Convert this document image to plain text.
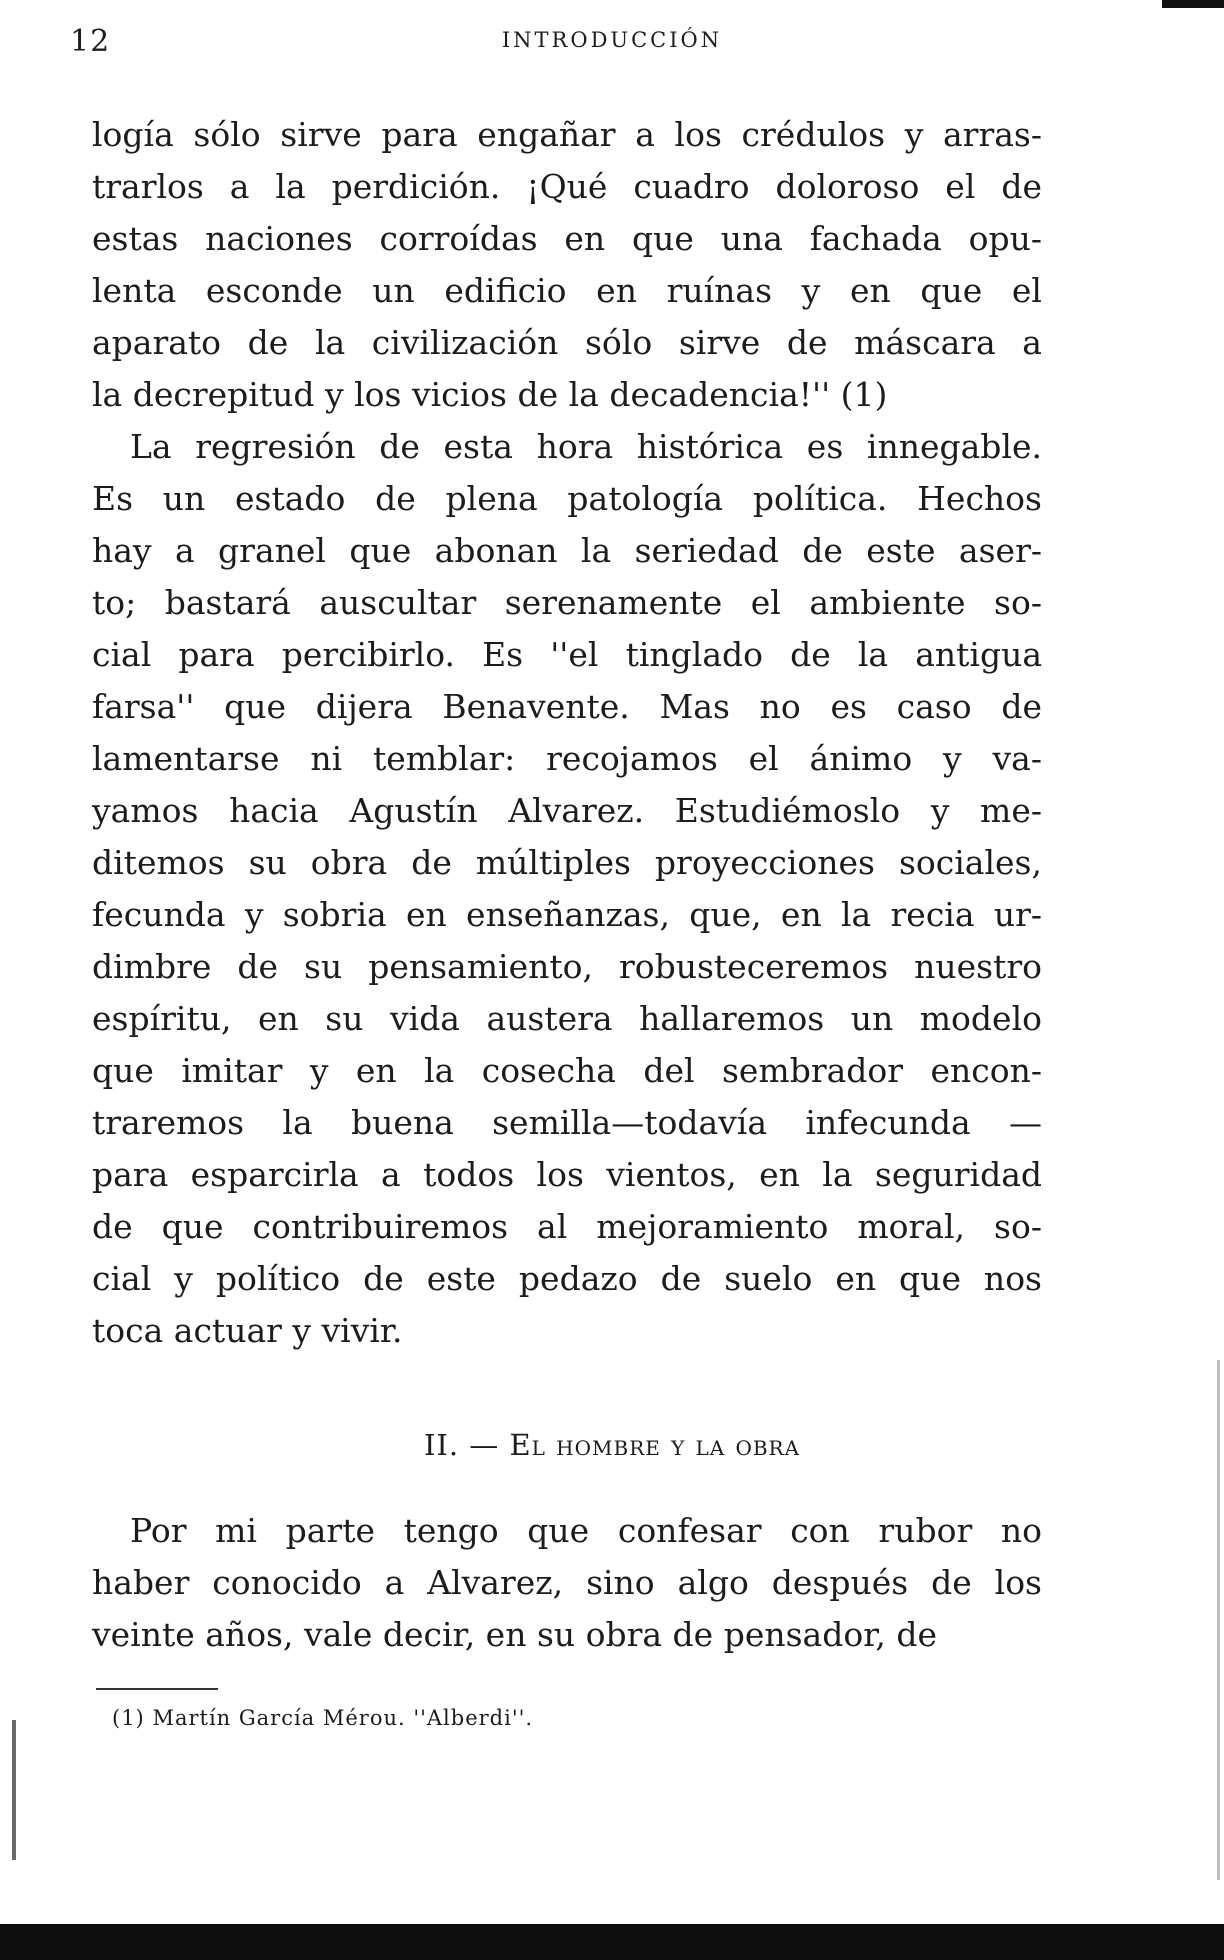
12	INTRODUCCIÓN
logía sólo sirve para engañar a los crédulos y arras-
trarlos a la perdición. ¡Qué cuadro doloroso el de
estas naciones corroídas en que una fachada opu-
lenta esconde un edificio en ruínas y en que el
aparato de la civilización sólo sirve de máscara a
la decrepitud y los vicios de la decadencia!'' (1)
La regresión de esta hora histórica es innegable.
Es un estado de plena patología política. Hechos
hay a granel que abonan la seriedad de este aser-
to; bastará auscultar serenamente el ambiente so-
cial para percibirlo. Es ''el tinglado de la antigua
farsa'' que dijera Benavente. Mas no es caso de
lamentarse ni temblar: recojamos el ánimo y va-
yamos hacia Agustín Alvarez. Estudiémoslo y me-
ditemos su obra de múltiples proyecciones sociales,
fecunda y sobria en enseñanzas, que, en la recia ur-
dimbre de su pensamiento, robusteceremos nuestro
espíritu, en su vida austera hallaremos un modelo
que imitar y en la cosecha del sembrador encon-
traremos la buena semilla—todavía infecunda —
para esparcirla a todos los vientos, en la seguridad
de que contribuiremos al mejoramiento moral, so-
cial y político de este pedazo de suelo en que nos
toca actuar y vivir.
II. — El hombre y la obra
Por mi parte tengo que confesar con rubor no
haber conocido a Alvarez, sino algo después de los
veinte años, vale decir, en su obra de pensador, de
(1) Martín García Mérou. ''Alberdi''.
